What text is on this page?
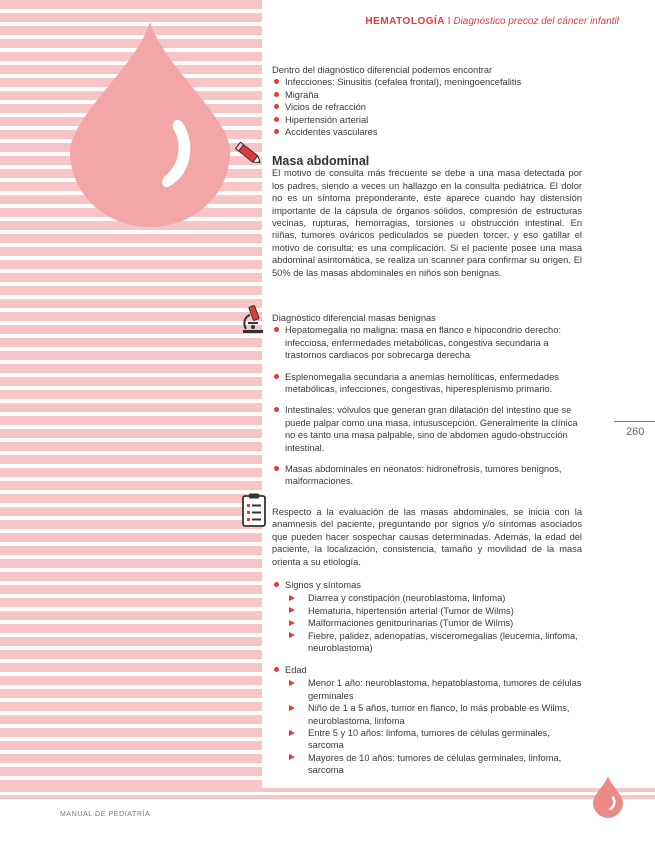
HEMATOLOGÍA I Diagnóstico precoz del cáncer infantil
260
MANUAL DE PEDIATRÍA

Dentro del diagnóstico diferencial podemos encontrar

Infecciones: Sinusitis (cefalea frontal), meningoencefalitis
Migraña
Vicios de refracción
Hipertensión arterial
Accidentes vasculares
Masa abdominal

El motivo de consulta más frecuente se debe a una masa detectada por los padres, siendo a veces un hallazgo en la consulta pediátrica. El dolor no es un síntoma preponderante, éste aparece cuando hay distensión importante de la cápsula de órganos sólidos, compresión de estructuras vecinas, rupturas, hemorragias, torsiones u obstrucción intestinal. En niñas, tumores ováricos pediculados se pueden torcer, y eso gatillar el motivo de consulta; es una complicación. Si el paciente posee una masa abdominal asintomática, se realiza un scanner para confirmar su origen. El 50% de las masas abdominales en niños son benignas.

Diagnóstico diferencial masas benignas

Hepatomegalia no maligna: masa en flanco e hipocondrio derecho: infecciosa, enfermedades metabólicas, congestiva secundaria a trastornos cardiacos por sobrecarga derecha
Esplenomegalia secundaria a anemias hemolíticas, enfermedades metabólicas, infecciones, congestivas, hiperesplenismo primario.
Intestinales: vólvulos que generan gran dilatación del intestino que se puede palpar como una masa, intususcepción. Generalmente la clínica no es tanto una masa palpable, sino de abdomen agudo-obstrucción intestinal.
Masas abdominales en neonatos: hidronefrosis, tumores benignos, malformaciones.

Respecto a la evaluación de las masas abdominales, se inicia con la anamnesis del paciente, preguntando por signos y/o síntomas asociados que pueden hacer sospechar causas determinadas. Además, la edad del paciente, la localización, consistencia, tamaño y movilidad de la masa orienta a su etiología.

Signos y síntomas
Diarrea y constipación (neuroblastoma, linfoma)
Hematuria, hipertensión arterial (Tumor de Wilms)
Malformaciones genitourinarias (Tumor de Wilms)
Fiebre, palidez, adenopatías, visceromegalias (leucemia, linfoma, neuroblastoma)
Edad
Menor 1 año: neuroblastoma, hepatoblastoma, tumores de células germinales
Niño de 1 a 5 años, tumor en flanco, lo más probable es Wilms, neuroblastoma, linfoma
Entre 5 y 10 años: linfoma, tumores de células germinales, sarcoma
Mayores de 10 años: tumores de células germinales, linfoma, sarcoma
